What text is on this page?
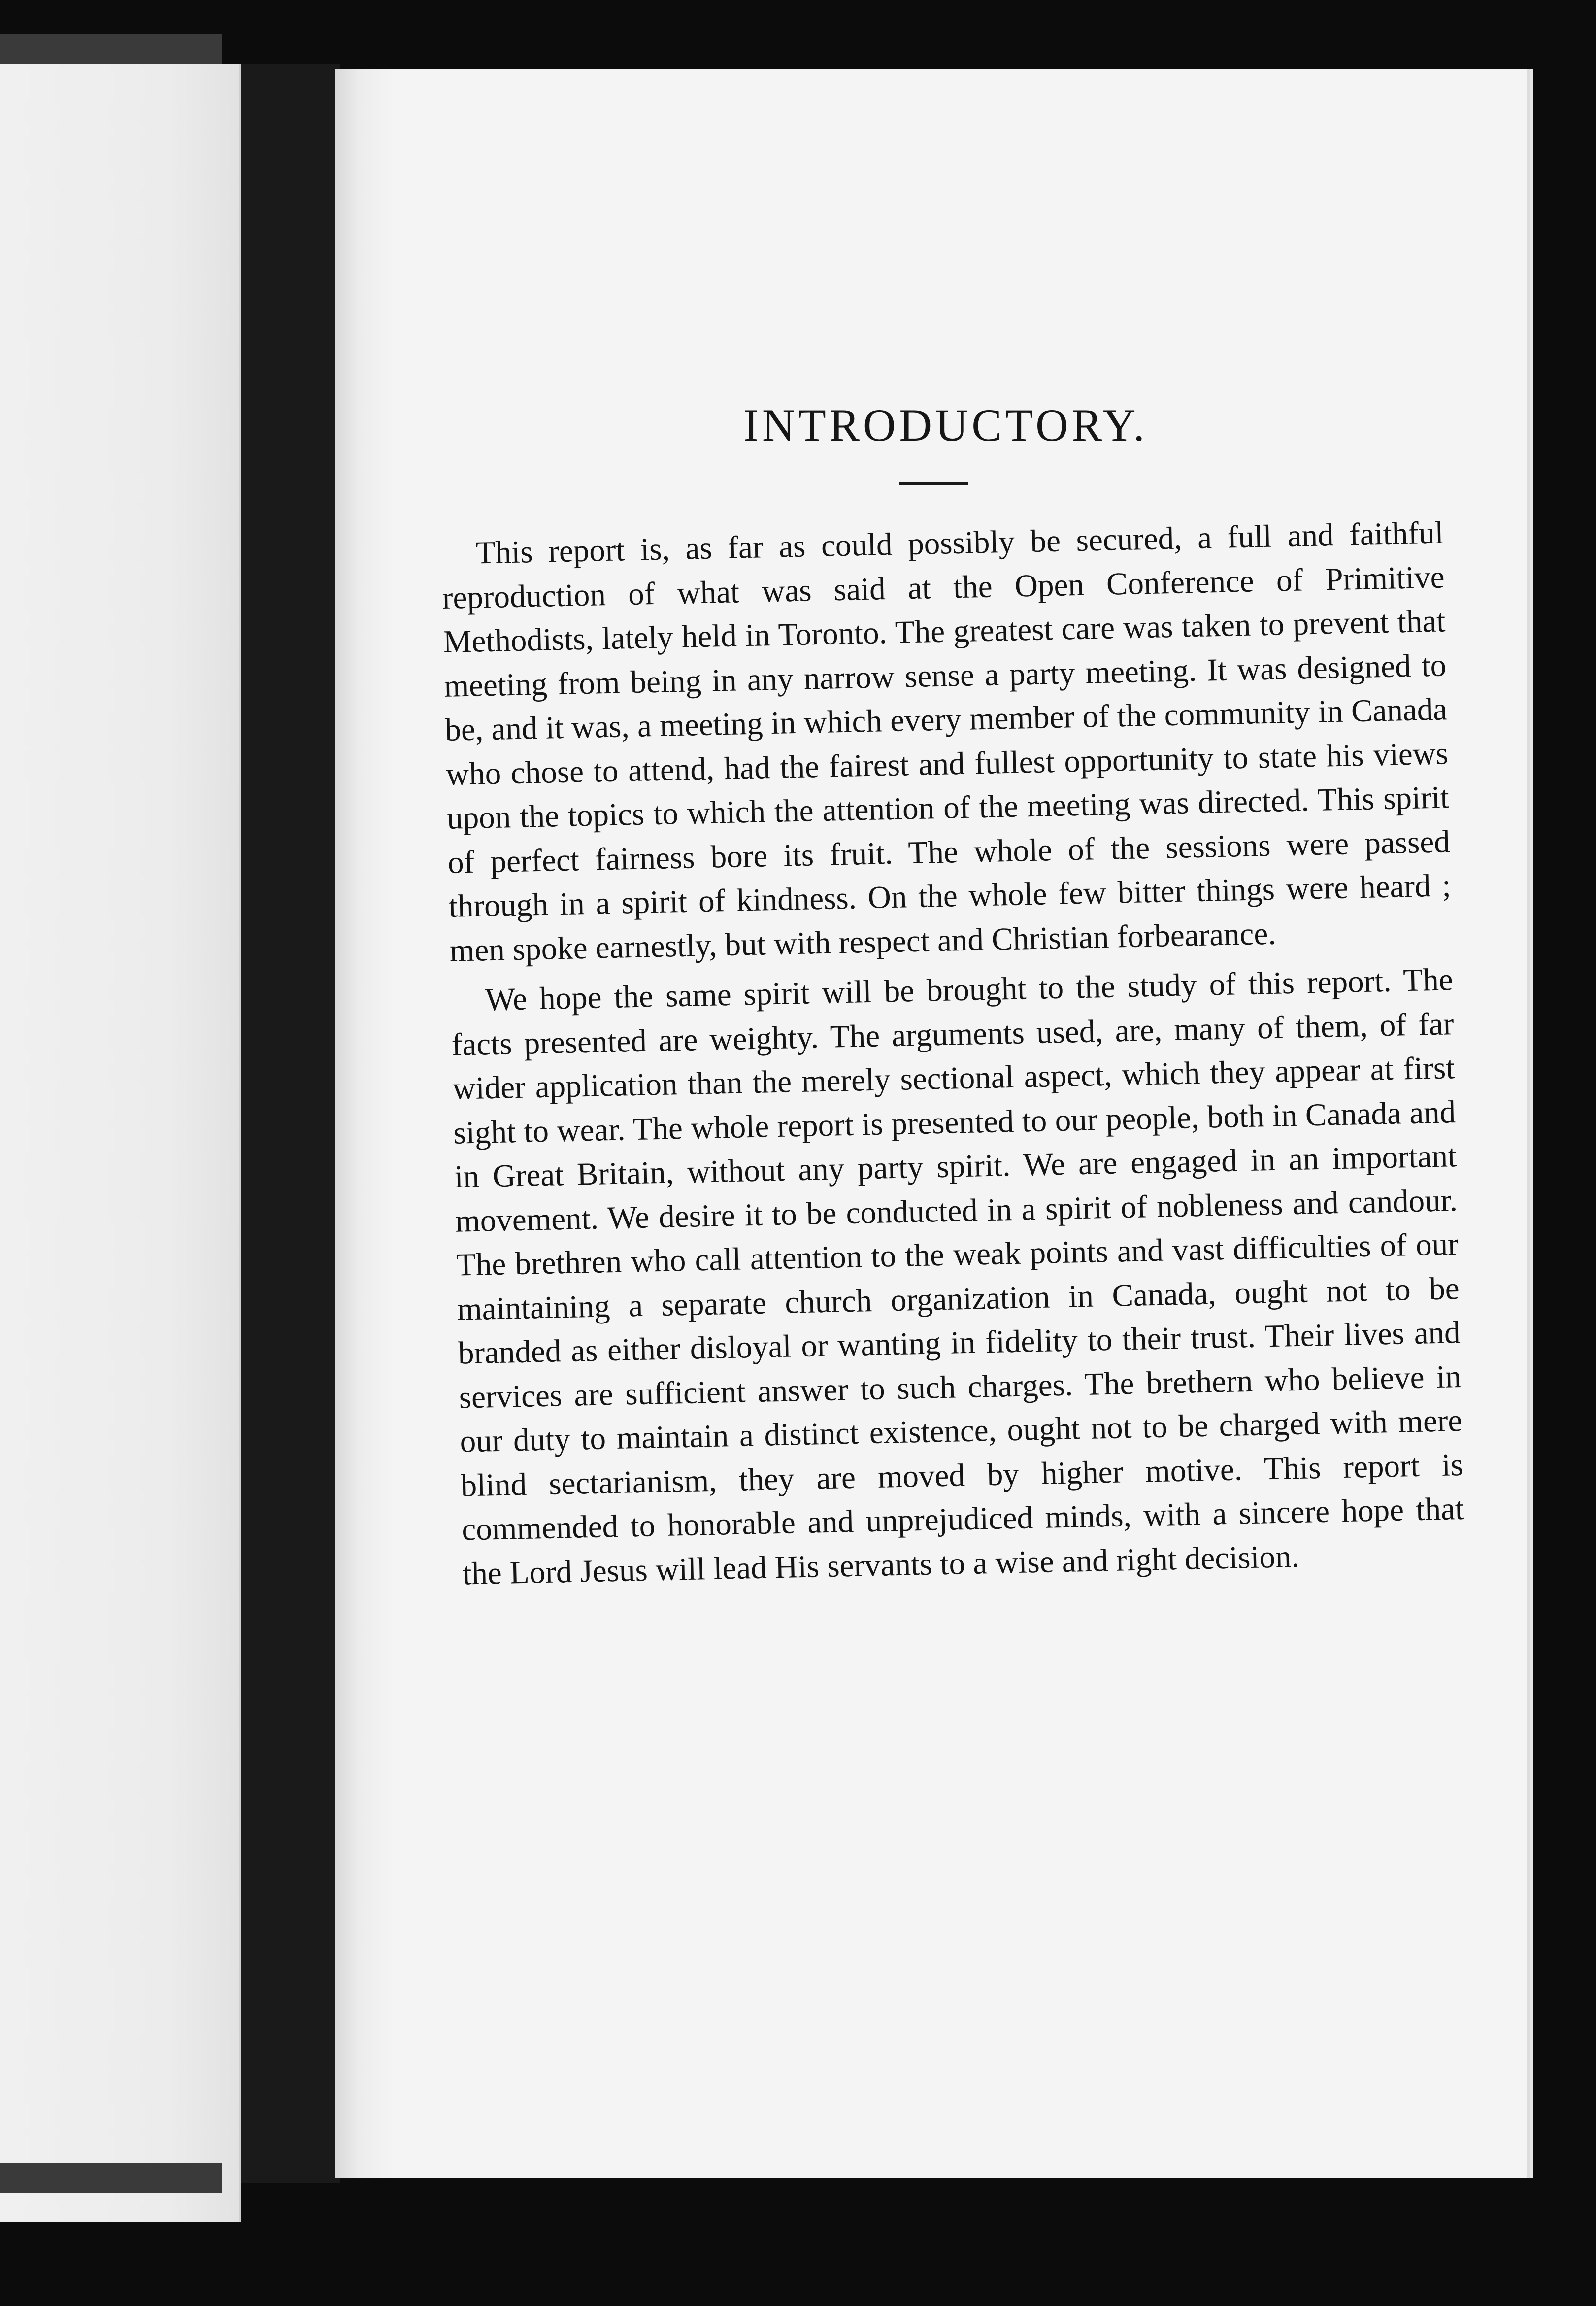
INTRODUCTORY.

This report is, as far as could possibly be secured, a full and faithful reproduction of what was said at the Open Conference of Primitive Methodists, lately held in Toronto. The greatest care was taken to prevent that meeting from being in any narrow sense a party meeting. It was designed to be, and it was, a meeting in which every member of the community in Canada who chose to attend, had the fairest and fullest opportunity to state his views upon the topics to which the attention of the meeting was directed. This spirit of perfect fairness bore its fruit. The whole of the sessions were passed through in a spirit of kindness. On the whole few bitter things were heard ; men spoke earnestly, but with respect and Christian forbearance.

We hope the same spirit will be brought to the study of this report. The facts presented are weighty. The arguments used, are, many of them, of far wider application than the merely sectional aspect, which they appear at first sight to wear. The whole report is presented to our people, both in Canada and in Great Britain, without any party spirit. We are engaged in an important movement. We desire it to be conducted in a spirit of nobleness and candour. The brethren who call attention to the weak points and vast difficulties of our maintaining a separate church organization in Canada, ought not to be branded as either disloyal or wanting in fidelity to their trust. Their lives and services are sufficient answer to such charges. The brethern who believe in our duty to maintain a distinct existence, ought not to be charged with mere blind sectarianism, they are moved by higher motive. This report is commended to honorable and unprejudiced minds, with a sincere hope that the Lord Jesus will lead His servants to a wise and right decision.
